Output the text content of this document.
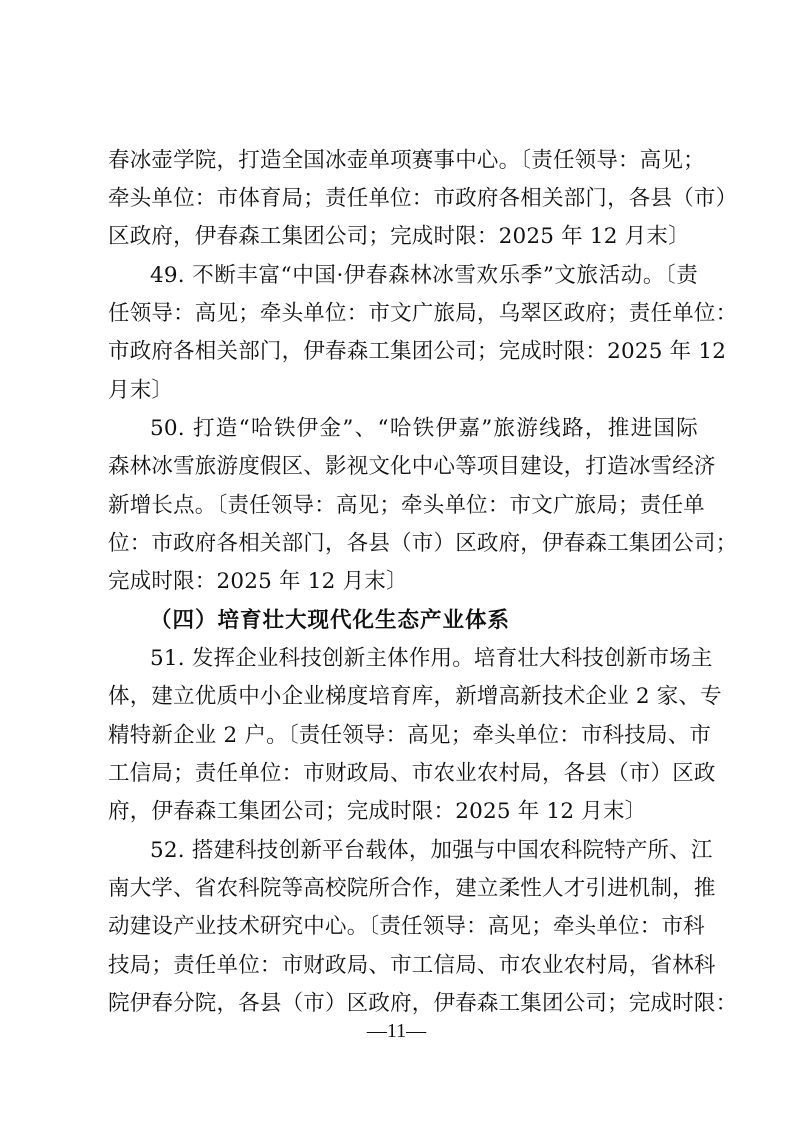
春冰壶学院，打造全国冰壶单项赛事中心。〔责任领导：高见；
牵头单位：市体育局；责任单位：市政府各相关部门，各县（市）
区政府，伊春森工集团公司；完成时限：2025 年 12 月末〕
49. 不断丰富“中国·伊春森林冰雪欢乐季”文旅活动。〔责
任领导：高见；牵头单位：市文广旅局，乌翠区政府；责任单位：
市政府各相关部门，伊春森工集团公司；完成时限：2025 年 12
月末〕
50. 打造“哈铁伊金”、“哈铁伊嘉”旅游线路，推进国际
森林冰雪旅游度假区、影视文化中心等项目建设，打造冰雪经济
新增长点。〔责任领导：高见；牵头单位：市文广旅局；责任单
位：市政府各相关部门，各县（市）区政府，伊春森工集团公司；
完成时限：2025 年 12 月末〕
（四）培育壮大现代化生态产业体系
51. 发挥企业科技创新主体作用。培育壮大科技创新市场主
体，建立优质中小企业梯度培育库，新增高新技术企业 2 家、专
精特新企业 2 户。〔责任领导：高见；牵头单位：市科技局、市
工信局；责任单位：市财政局、市农业农村局，各县（市）区政
府，伊春森工集团公司；完成时限：2025 年 12 月末〕
52. 搭建科技创新平台载体，加强与中国农科院特产所、江
南大学、省农科院等高校院所合作，建立柔性人才引进机制，推
动建设产业技术研究中心。〔责任领导：高见；牵头单位：市科
技局；责任单位：市财政局、市工信局、市农业农村局，省林科
院伊春分院，各县（市）区政府，伊春森工集团公司；完成时限：
—11—
